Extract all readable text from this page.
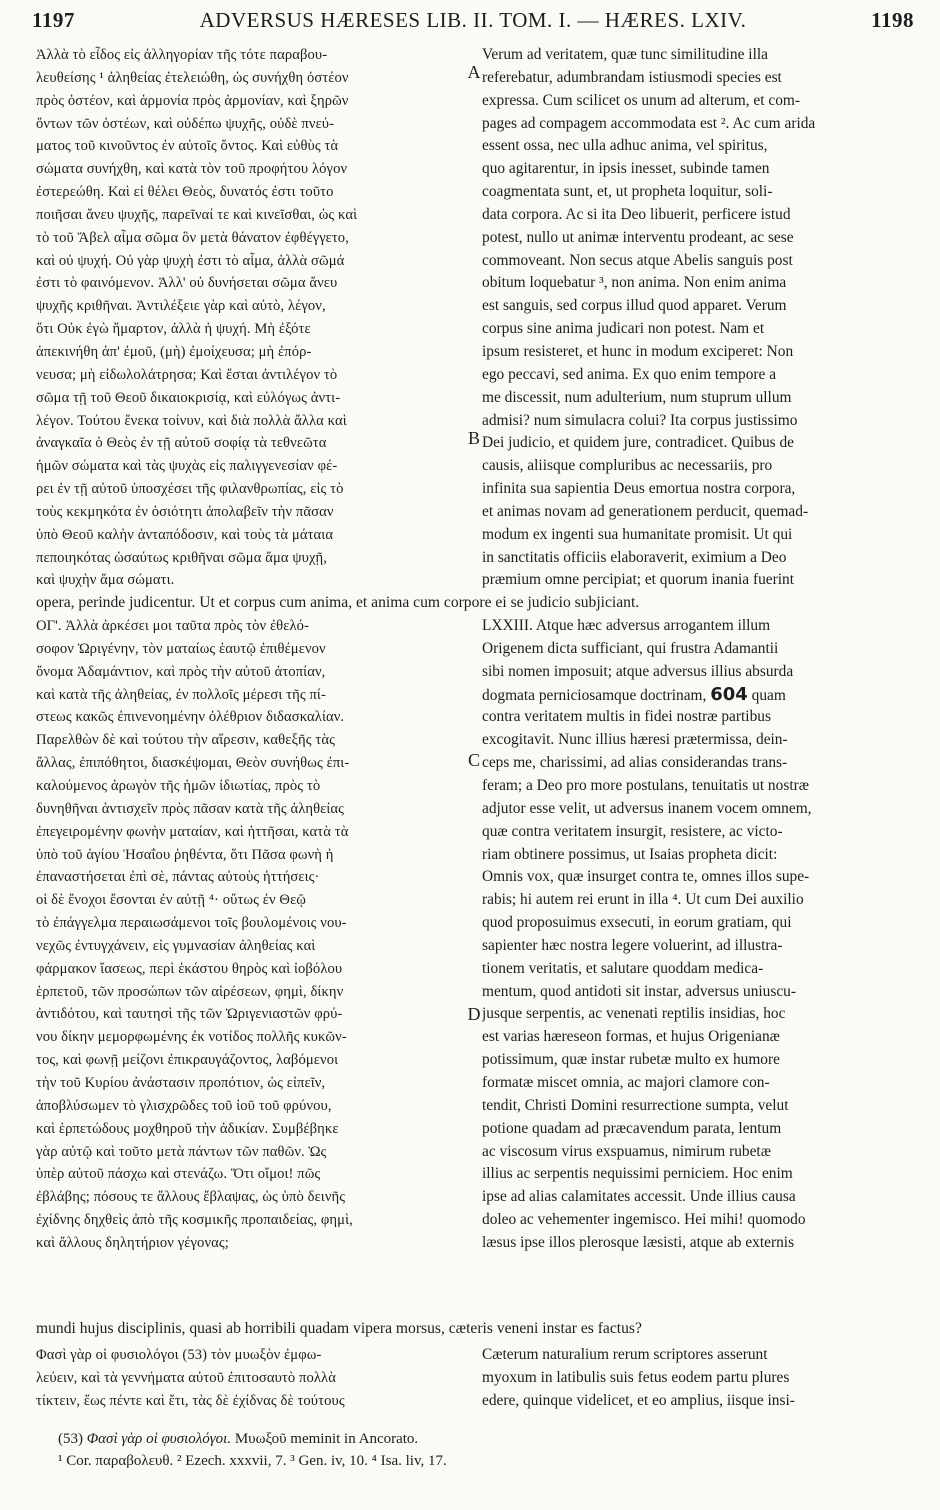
1197	ADVERSUS HÆRESES LIB. II. TOM. I. — HÆRES. LXIV.	1198
Ἀλλὰ τὸ εἶδος εἰς ἀλληγορίαν τῆς τότε παραβου-
λευθείσης ¹ ἀληθείας ἐτελειώθη, ὡς συνήχθη ὀστέον
πρὸς ὀστέον, καὶ ἁρμονία πρὸς ἁρμονίαν, καὶ ξηρῶν
ὄντων τῶν ὀστέων, καὶ οὐδέπω ψυχῆς, οὐδὲ πνεύ-
ματος τοῦ κινοῦντος ἐν αὐτοῖς ὄντος. Καὶ εὐθὺς τὰ
σώματα συνήχθη, καὶ κατὰ τὸν τοῦ προφήτου λόγον
ἐστερεώθη. Καὶ εἰ θέλει Θεὸς, δυνατός ἐστι τοῦτο
ποιῆσαι ἄνευ ψυχῆς, παρεῖναί τε καὶ κινεῖσθαι, ὡς καὶ
τὸ τοῦ Ἄβελ αἷμα σῶμα ὃν μετὰ θάνατον ἐφθέγγετο,
καὶ οὐ ψυχή. Οὐ γὰρ ψυχὴ ἐστι τὸ αἷμα, ἀλλὰ σῶμά
ἐστι τὸ φαινόμενον. Ἀλλ' οὐ δυνήσεται σῶμα ἄνευ
ψυχῆς κριθῆναι. Ἀντιλέξειε γὰρ καὶ αὐτὸ, λέγον,
ὅτι Οὐκ ἐγὼ ἥμαρτον, ἀλλὰ ἡ ψυχή. Μὴ ἐξότε
ἀπεκινήθη ἀπ' ἐμοῦ, (μὴ) ἐμοίχευσα; μὴ ἐπόρ-
νευσα; μὴ εἰδωλολάτρησα; Καὶ ἔσται ἀντιλέγον τὸ
σῶμα τῇ τοῦ Θεοῦ δικαιοκρισίᾳ, καὶ εὐλόγως ἀντι-
λέγον. Τούτου ἕνεκα τοίνυν, καὶ διὰ πολλὰ ἄλλα καὶ
ἀναγκαῖα ὁ Θεὸς ἐν τῇ αὐτοῦ σοφίᾳ τὰ τεθνεῶτα
ἡμῶν σώματα καὶ τὰς ψυχὰς εἰς παλιγγενεσίαν φέ-
ρει ἐν τῇ αὐτοῦ ὑποσχέσει τῆς φιλανθρωπίας, εἰς τὸ
τοὺς κεκμηκότα ἐν ὁσιότητι ἀπολαβεῖν τὴν πᾶσαν
ὑπὸ Θεοῦ καλὴν ἀνταπόδοσιν, καὶ τοὺς τὰ μάταια
πεποιηκότας ὡσαύτως κριθῆναι σῶμα ἅμα ψυχῇ,
καὶ ψυχὴν ἅμα σώματι.
ΟΓ'. Ἀλλὰ ἀρκέσει μοι ταῦτα πρὸς τὸν ἐθελό-
σοφον Ὠριγένην, τὸν ματαίως ἑαυτῷ ἐπιθέμενον
ὄνομα Ἀδαμάντιον, καὶ πρὸς τὴν αὐτοῦ ἀτοπίαν,
καὶ κατὰ τῆς ἀληθείας, ἐν πολλοῖς μέρεσι τῆς πί-
στεως κακῶς ἐπινενοημένην ὀλέθριον διδασκαλίαν.
Παρελθὼν δὲ καὶ τούτου τὴν αἵρεσιν, καθεξῆς τὰς
ἄλλας, ἐπιπόθητοι, διασκέψομαι, Θεὸν συνήθως ἐπι-
καλούμενος ἀρωγὸν τῆς ἡμῶν ἰδιωτίας, πρὸς τὸ
δυνηθῆναι ἀντισχεῖν πρὸς πᾶσαν κατὰ τῆς ἀληθείας
ἐπεγειρομένην φωνὴν ματαίαν, καὶ ἡττῆσαι, κατὰ τὰ
ὑπὸ τοῦ ἁγίου Ἡσαΐου ῥηθέντα, ὅτι Πᾶσα φωνὴ ἡ
ἐπαναστήσεται ἐπὶ σὲ, πάντας αὐτοὺς ἡττήσεις·
οἱ δὲ ἔνοχοι ἔσονται ἐν αὐτῇ ⁴· οὕτως ἐν Θεῷ
τὸ ἐπάγγελμα περαιωσάμενοι τοῖς βουλομένοις νου-
νεχῶς ἐντυγχάνειν, εἰς γυμνασίαν ἀληθείας καὶ
φάρμακον ἴασεως, περὶ ἑκάστου θηρὸς καὶ ἰοβόλου
ἑρπετοῦ, τῶν προσώπων τῶν αἱρέσεων, φημὶ, δίκην
ἀντιδότου, καὶ ταυτησὶ τῆς τῶν Ὠριγενιαστῶν φρύ-
νου δίκην μεμορφωμένης ἐκ νοτίδος πολλῆς κυκῶν-
τος, καὶ φωνῇ μείζονι ἐπικραυγάζοντος, λαβόμενοι
τὴν τοῦ Κυρίου ἀνάστασιν προπότιον, ὡς εἰπεῖν,
ἀποβλύσωμεν τὸ γλισχρῶδες τοῦ ἰοῦ τοῦ φρύνου,
καὶ ἑρπετώδους μοχθηροῦ τὴν ἀδικίαν. Συμβέβηκε
γὰρ αὐτῷ καὶ τοῦτο μετὰ πάντων τῶν παθῶν. Ὡς
ὑπὲρ αὐτοῦ πάσχω καὶ στενάζω. Ὅτι οἴμοι! πῶς
ἐβλάβης; πόσους τε ἄλλους ἔβλαψας, ὡς ὑπὸ δεινῆς
ἐχίδνης δηχθεὶς ἀπὸ τῆς κοσμικῆς προπαιδείας, φημὶ,
καὶ ἄλλους δηλητήριον γέγονας;
Verum ad veritatem, quæ tunc similitudine illa
referebatur, adumbrandam istiusmodi species est
expressa. Cum scilicet os unum ad alterum, et com-
pages ad compagem accommodata est ². Ac cum arida
essent ossa, nec ulla adhuc anima, vel spiritus,
quo agitarentur, in ipsis inesset, subinde tamen
coagmentata sunt, et, ut propheta loquitur, soli-
data corpora. Ac si ita Deo libuerit, perficere istud
potest, nullo ut animæ interventu prodeant, ac sese
commoveant. Non secus atque Abelis sanguis post
obitum loquebatur ³, non anima. Non enim anima
est sanguis, sed corpus illud quod apparet. Verum
corpus sine anima judicari non potest. Nam et
ipsum resisteret, et hunc in modum exciperet: Non
ego peccavi, sed anima. Ex quo enim tempore a
me discessit, num adulterium, num stuprum ullum
admisi? num simulacra colui? Ita corpus justissimo
Dei judicio, et quidem jure, contradicet. Quibus de
causis, aliisque compluribus ac necessariis, pro
infinita sua sapientia Deus emortua nostra corpora,
et animas novam ad generationem perducit, quemad-
modum ex ingenti sua humanitate promisit. Ut qui
in sanctitatis officiis elaboraverit, eximium a Deo
præmium omne percipiat; et quorum inania fuerint
LXXIII. Atque hæc adversus arrogantem illum
Origenem dicta sufficiant, qui frustra Adamantii
sibi nomen imposuit; atque adversus illius absurda
dogmata perniciosamque doctrinam, 604 quam
contra veritatem multis in fidei nostræ partibus
excogitavit. Nunc illius hæresi prætermissa, dein-
ceps me, charissimi, ad alias considerandas trans-
feram; a Deo pro more postulans, tenuitatis ut nostræ
adjutor esse velit, ut adversus inanem vocem omnem,
quæ contra veritatem insurgit, resistere, ac victo-
riam obtinere possimus, ut Isaias propheta dicit:
Omnis vox, quæ insurget contra te, omnes illos supe-
rabis; hi autem rei erunt in illa ⁴. Ut cum Dei auxilio
quod proposuimus exsecuti, in eorum gratiam, qui
sapienter hæc nostra legere voluerint, ad illustra-
tionem veritatis, et salutare quoddam medica-
mentum, quod antidoti sit instar, adversus uniuscu-
jusque serpentis, ac venenati reptilis insidias, hoc
est varias hæreseon formas, et hujus Origenianæ
potissimum, quæ instar rubetæ multo ex humore
formatæ miscet omnia, ac majori clamore con-
tendit, Christi Domini resurrectione sumpta, velut
potione quadam ad præcavendum parata, lentum
ac viscosum virus exspuamus, nimirum rubetæ
illius ac serpentis nequissimi perniciem. Hoc enim
ipse ad alias calamitates accessit. Unde illius causa
doleo ac vehementer ingemisco. Hei mihi! quomodo
læsus ipse illos plerosque læsisti, atque ab externis
A
B
C
D
opera, perinde judicentur. Ut et corpus cum anima, et anima cum corpore ei se judicio subjiciant.
mundi hujus disciplinis, quasi ab horribili quadam vipera morsus, cæteris veneni instar es factus?
Φασὶ γὰρ οἱ φυσιολόγοι (53) τὸν μυωξὸν ἐμφω-
λεύειν, καὶ τὰ γεννήματα αὐτοῦ ἐπιτοσαυτὸ πολλὰ
τίκτειν, ἕως πέντε καὶ ἔτι, τὰς δὲ ἐχίδνας δὲ τούτους
Cæterum naturalium rerum scriptores asserunt
myoxum in latibulis suis fetus eodem partu plures
edere, quinque videlicet, et eo amplius, iisque insi-
(53) Φασὶ γὰρ οἱ φυσιολόγοι. Μυωξοῦ meminit in Ancorato.
¹ Cor. παραβολευθ. ² Ezech. xxxvii, 7. ³ Gen. iv, 10. ⁴ Isa. liv, 17.
